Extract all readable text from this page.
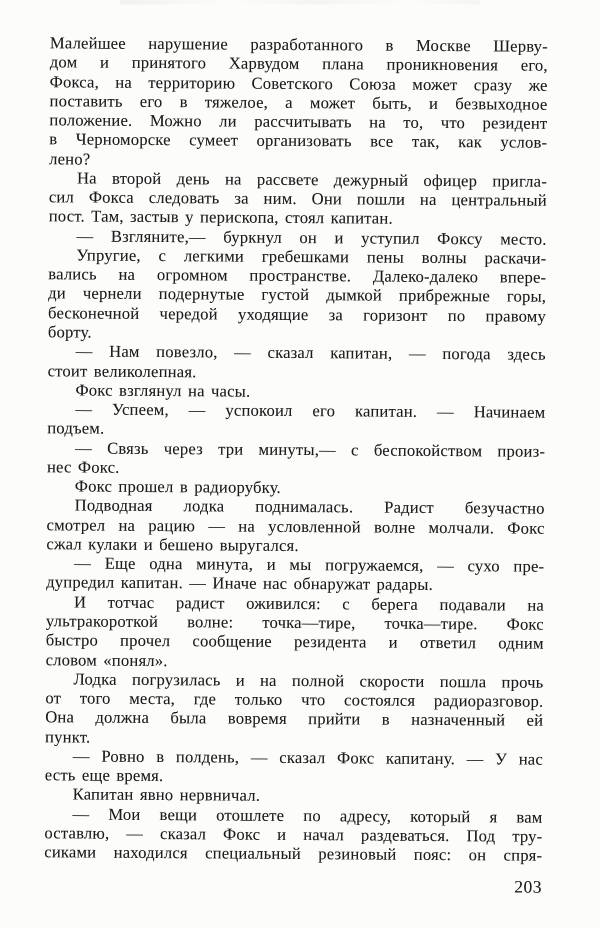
Малейшее нарушение разработанного в Москве Шерву-
дом и принятого Харвудом плана проникновения его,
Фокса, на территорию Советского Союза может сразу же
поставить его в тяжелое, а может быть, и безвыходное
положение. Можно ли рассчитывать на то, что резидент
в Черноморске сумеет организовать все так, как услов-
лено?
На второй день на рассвете дежурный офицер пригла-
сил Фокса следовать за ним. Они пошли на центральный
пост. Там, застыв у перископа, стоял капитан.
— Взгляните,— буркнул он и уступил Фоксу место.
Упругие, с легкими гребешками пены волны раскачи-
вались на огромном пространстве. Далеко-далеко впере-
ди чернели подернутые густой дымкой прибрежные горы,
бесконечной чередой уходящие за горизонт по правому
борту.
— Нам повезло, — сказал капитан, — погода здесь
стоит великолепная.
Фокс взглянул на часы.
— Успеем, — успокоил его капитан. — Начинаем
подъем.
— Связь через три минуты,— с беспокойством произ-
нес Фокс.
Фокс прошел в радиорубку.
Подводная лодка поднималась. Радист безучастно
смотрел на рацию — на условленной волне молчали. Фокс
сжал кулаки и бешено выругался.
— Еще одна минута, и мы погружаемся, — сухо пре-
дупредил капитан. — Иначе нас обнаружат радары.
И тотчас радист оживился: с берега подавали на
ультракороткой волне: точка—тире, точка—тире. Фокс
быстро прочел сообщение резидента и ответил одним
словом «понял».
Лодка погрузилась и на полной скорости пошла прочь
от того места, где только что состоялся радиоразговор.
Она должна была вовремя прийти в назначенный ей
пункт.
— Ровно в полдень, — сказал Фокс капитану. — У нас
есть еще время.
Капитан явно нервничал.
— Мои вещи отошлете по адресу, который я вам
оставлю, — сказал Фокс и начал раздеваться. Под тру-
сиками находился специальный резиновый пояс: он спря-
203
